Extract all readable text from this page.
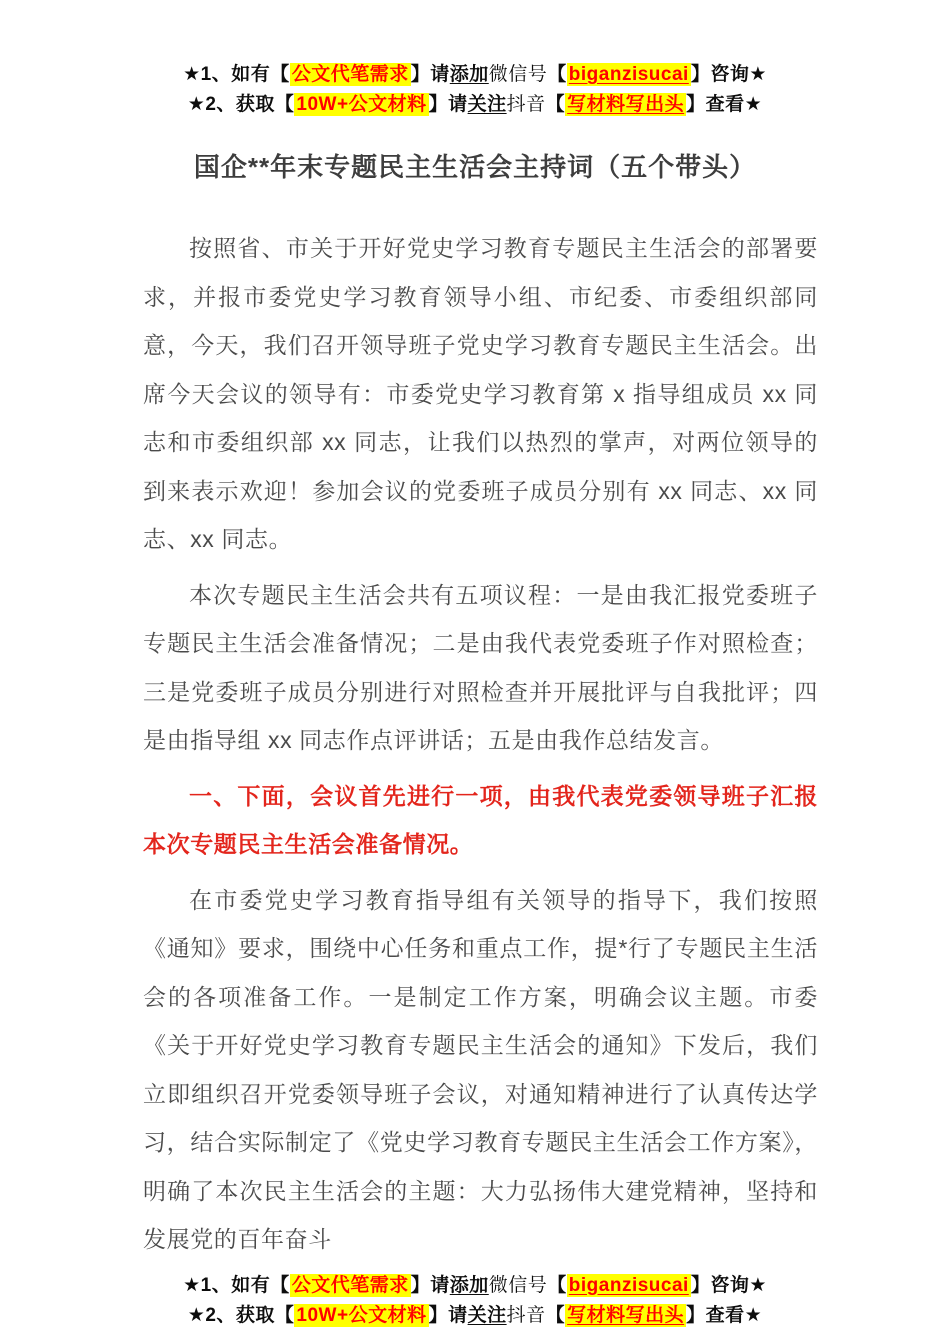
★1、如有【 公文代笔需求 】请添加微信号【 biganzisucai 】咨询★
★2、获取【 10W+公文材料 】请关注抖音【 写材料写出头 】查看★
国企**年末专题民主生活会主持词（五个带头）

按照省、市关于开好党史学习教育专题民主生活会的部署要求，并报市委党史学习教育领导小组、市纪委、市委组织部同意，今天，我们召开领导班子党史学习教育专题民主生活会。出席今天会议的领导有：市委党史学习教育第 x 指导组成员 xx 同志和市委组织部 xx 同志，让我们以热烈的掌声，对两位领导的到来表示欢迎！参加会议的党委班子成员分别有 xx 同志、xx 同志、xx 同志。

本次专题民主生活会共有五项议程：一是由我汇报党委班子专题民主生活会准备情况；二是由我代表党委班子作对照检查；三是党委班子成员分别进行对照检查并开展批评与自我批评；四是由指导组 xx 同志作点评讲话；五是由我作总结发言。

一、下面，会议首先进行一项，由我代表党委领导班子汇报本次专题民主生活会准备情况。

在市委党史学习教育指导组有关领导的指导下，我们按照《通知》要求，围绕中心任务和重点工作，提*行了专题民主生活会的各项准备工作。一是制定工作方案，明确会议主题。市委《关于开好党史学习教育专题民主生活会的通知》下发后，我们立即组织召开党委领导班子会议，对通知精神进行了认真传达学习，结合实际制定了《党史学习教育专题民主生活会工作方案》，明确了本次民主生活会的主题：大力弘扬伟大建党精神，坚持和发展党的百年奋斗

★1、如有【 公文代笔需求 】请添加微信号【 biganzisucai 】咨询★
★2、获取【 10W+公文材料 】请关注抖音【 写材料写出头 】查看★
